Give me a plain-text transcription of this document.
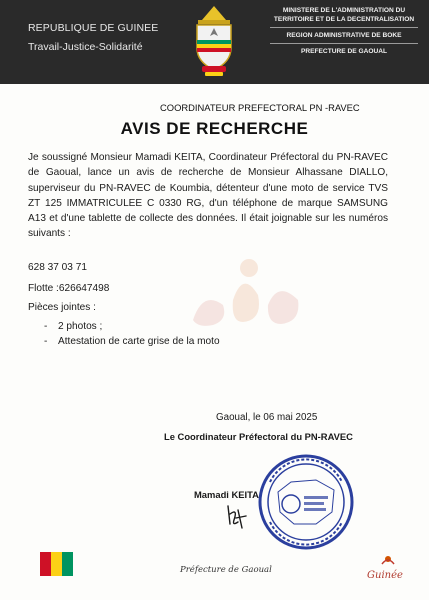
REPUBLIQUE DE GUINEE
Travail-Justice-Solidarité
MINISTERE DE L'ADMINISTRATION DU
TERRITOIRE ET DE LA DECENTRALISATION
REGION ADMINISTRATIVE DE BOKE
PREFECTURE DE GAOUAL
COORDINATEUR PREFECTORAL PN -RAVEC
AVIS DE RECHERCHE
Je soussigné Monsieur Mamadi KEITA, Coordinateur Préfectoral du PN-RAVEC de Gaoual, lance un avis de recherche de Monsieur Alhassane DIALLO, superviseur du PN-RAVEC de Koumbia, détenteur d'une moto de service TVS ZT 125 IMMATRICULEE C 0330 RG, d'un téléphone de marque SAMSUNG A13 et d'une tablette de collecte des données. Il était joignable sur les numéros suivants :
628 37 03 71
Flotte :626647498
Pièces jointes :
- 2 photos ;
- Attestation de carte grise de la moto
Gaoual, le 06 mai 2025
Le Coordinateur Préfectoral du PN-RAVEC
Mamadi KEITA
Préfecture de Gaoual	Guinée
